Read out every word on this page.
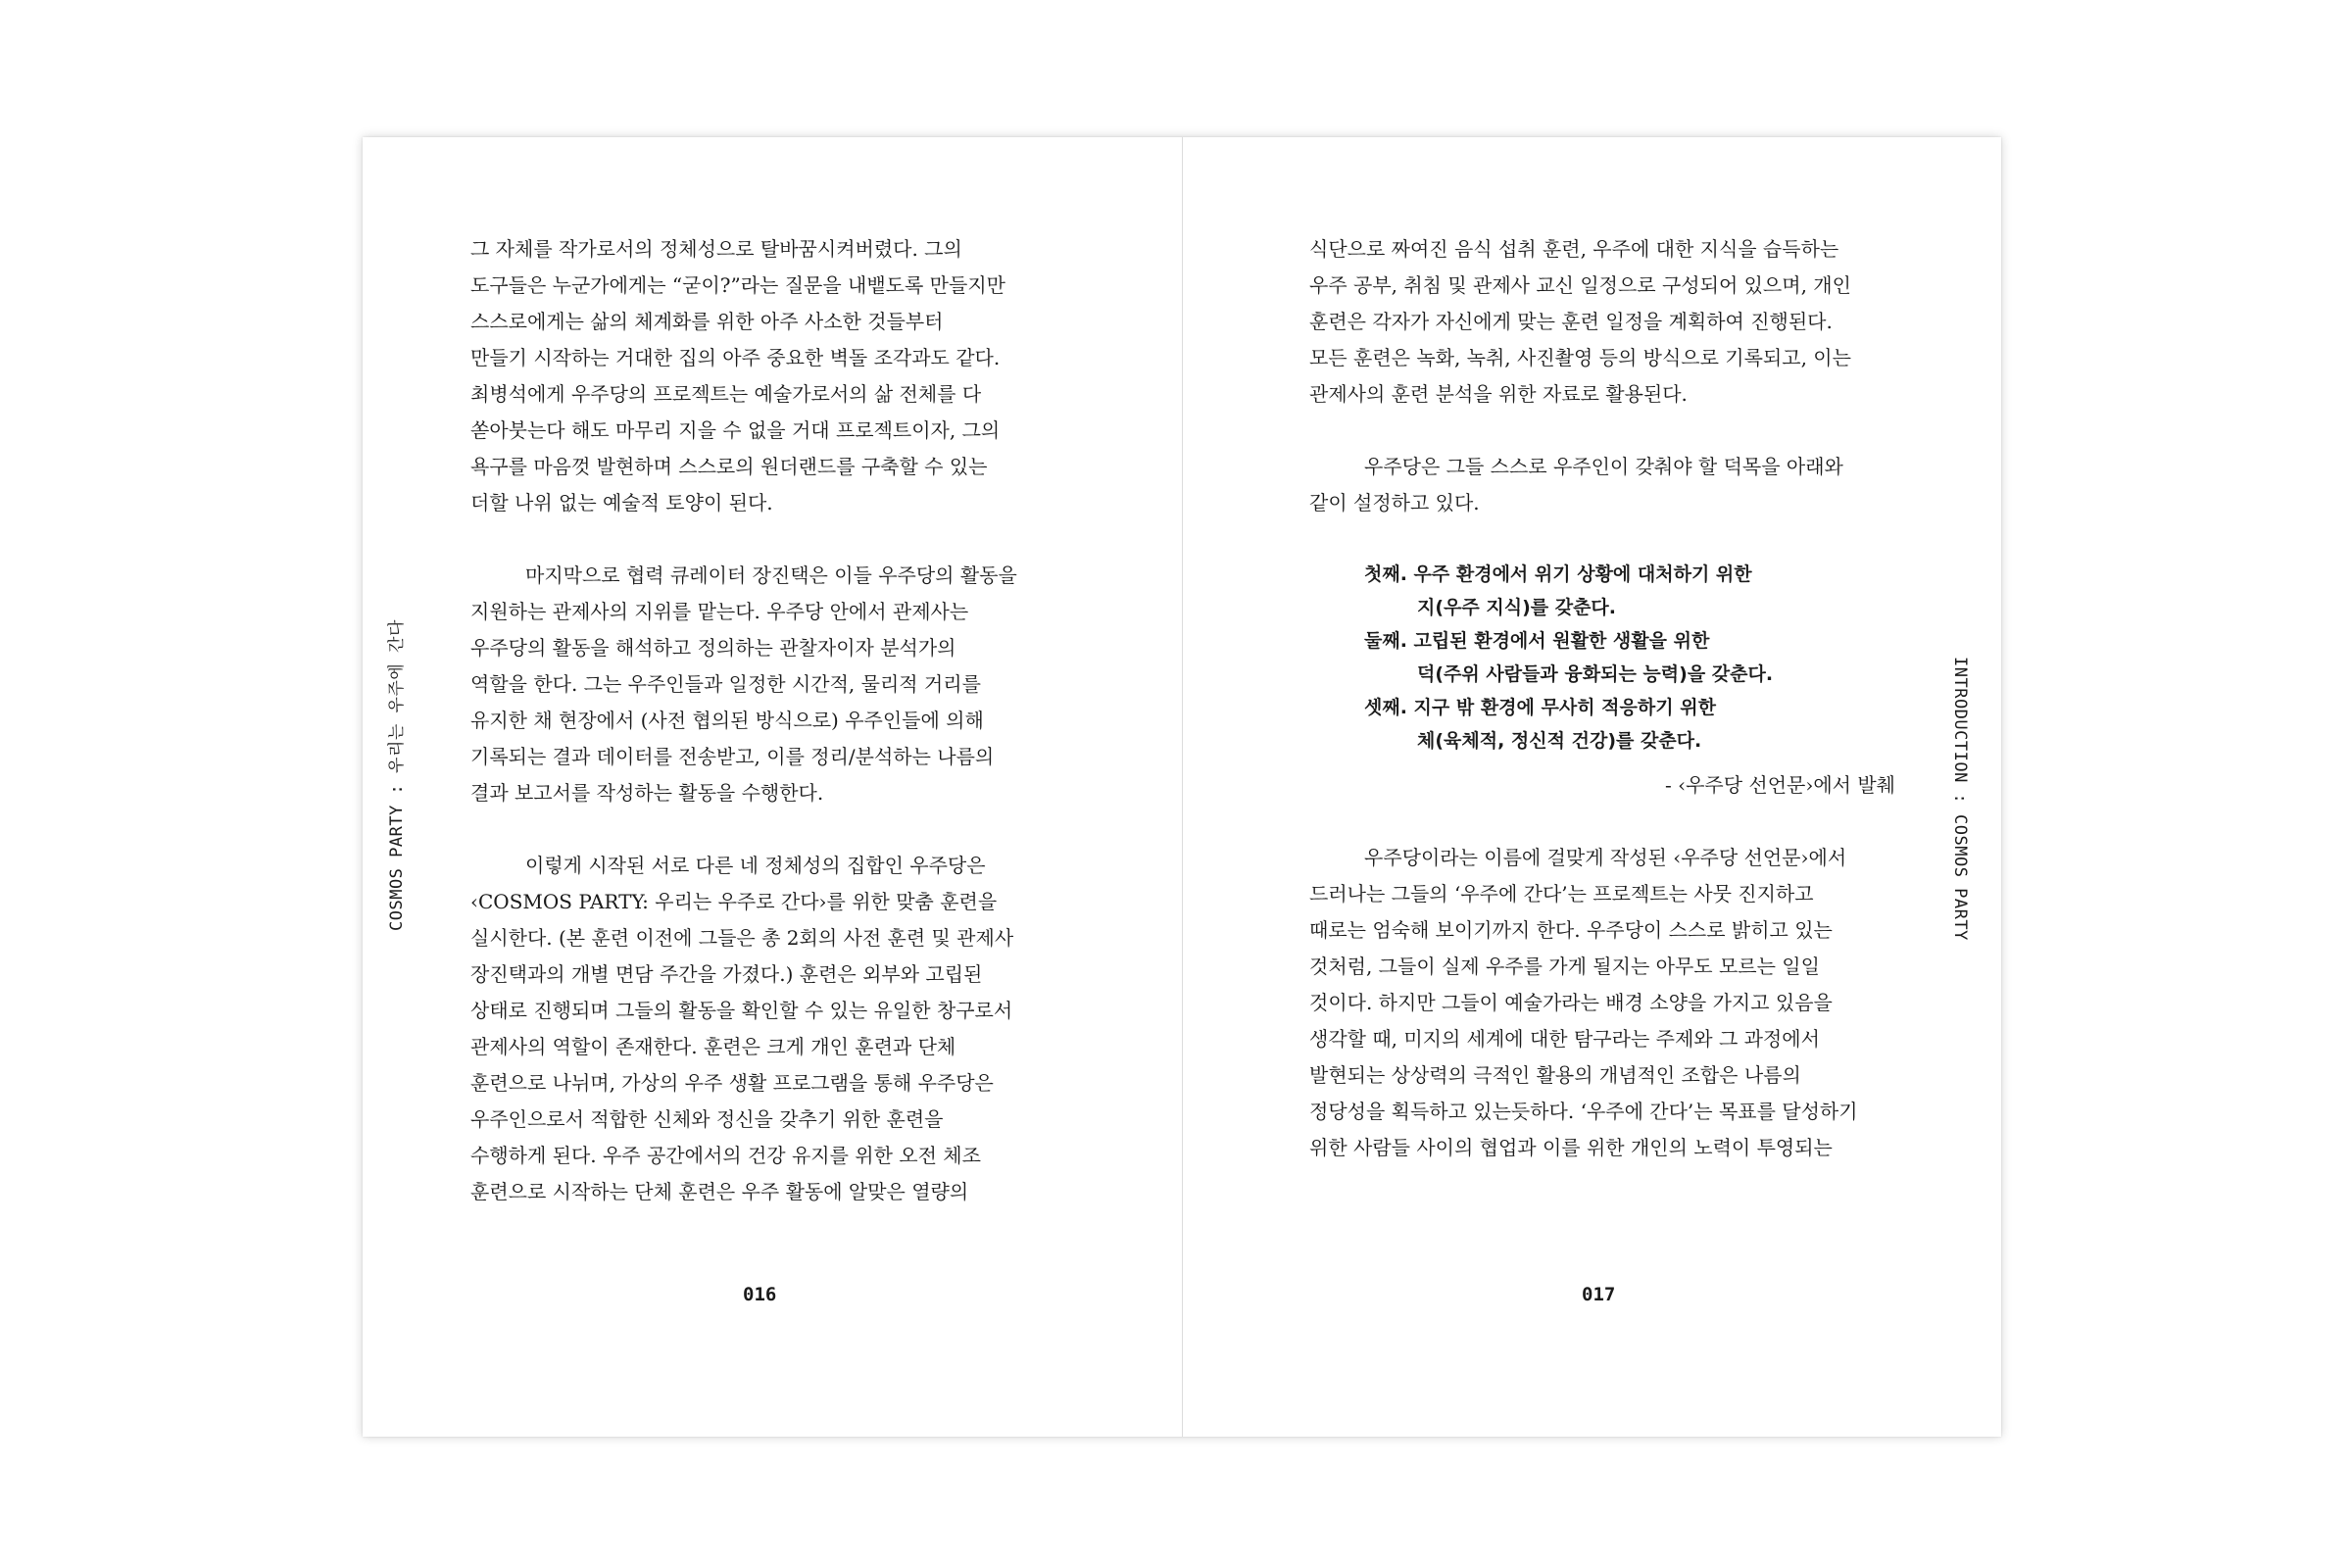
COSMOS PARTY : 우리는 우주에 간다
그 자체를 작가로서의 정체성으로 탈바꿈시켜버렸다. 그의
도구들은 누군가에게는 “굳이?”라는 질문을 내뱉도록 만들지만
스스로에게는 삶의 체계화를 위한 아주 사소한 것들부터
만들기 시작하는 거대한 집의 아주 중요한 벽돌 조각과도 같다.
최병석에게 우주당의 프로젝트는 예술가로서의 삶 전체를 다
쏟아붓는다 해도 마무리 지을 수 없을 거대 프로젝트이자, 그의
욕구를 마음껏 발현하며 스스로의 원더랜드를 구축할 수 있는
더할 나위 없는 예술적 토양이 된다.
마지막으로 협력 큐레이터 장진택은 이들 우주당의 활동을
지원하는 관제사의 지위를 맡는다. 우주당 안에서 관제사는
우주당의 활동을 해석하고 정의하는 관찰자이자 분석가의
역할을 한다. 그는 우주인들과 일정한 시간적, 물리적 거리를
유지한 채 현장에서 (사전 협의된 방식으로) 우주인들에 의해
기록되는 결과 데이터를 전송받고, 이를 정리/분석하는 나름의
결과 보고서를 작성하는 활동을 수행한다.
이렇게 시작된 서로 다른 네 정체성의 집합인 우주당은
‹COSMOS PARTY: 우리는 우주로 간다›를 위한 맞춤 훈련을
실시한다. (본 훈련 이전에 그들은 총 2회의 사전 훈련 및 관제사
장진택과의 개별 면담 주간을 가졌다.) 훈련은 외부와 고립된
상태로 진행되며 그들의 활동을 확인할 수 있는 유일한 창구로서
관제사의 역할이 존재한다. 훈련은 크게 개인 훈련과 단체
훈련으로 나뉘며, 가상의 우주 생활 프로그램을 통해 우주당은
우주인으로서 적합한 신체와 정신을 갖추기 위한 훈련을
수행하게 된다. 우주 공간에서의 건강 유지를 위한 오전 체조
훈련으로 시작하는 단체 훈련은 우주 활동에 알맞은 열량의
016
INTRODUCTION : COSMOS PARTY
식단으로 짜여진 음식 섭취 훈련, 우주에 대한 지식을 습득하는
우주 공부, 취침 및 관제사 교신 일정으로 구성되어 있으며, 개인
훈련은 각자가 자신에게 맞는 훈련 일정을 계획하여 진행된다.
모든 훈련은 녹화, 녹취, 사진촬영 등의 방식으로 기록되고, 이는
관제사의 훈련 분석을 위한 자료로 활용된다.
우주당은 그들 스스로 우주인이 갖춰야 할 덕목을 아래와
같이 설정하고 있다.
첫째. 우주 환경에서 위기 상황에 대처하기 위한
지(우주 지식)를 갖춘다.
둘째. 고립된 환경에서 원활한 생활을 위한
덕(주위 사람들과 융화되는 능력)을 갖춘다.
셋째. 지구 밖 환경에 무사히 적응하기 위한
체(육체적, 정신적 건강)를 갖춘다.
- ‹우주당 선언문›에서 발췌
우주당이라는 이름에 걸맞게 작성된 ‹우주당 선언문›에서
드러나는 그들의 ‘우주에 간다’는 프로젝트는 사뭇 진지하고
때로는 엄숙해 보이기까지 한다. 우주당이 스스로 밝히고 있는
것처럼, 그들이 실제 우주를 가게 될지는 아무도 모르는 일일
것이다. 하지만 그들이 예술가라는 배경 소양을 가지고 있음을
생각할 때, 미지의 세계에 대한 탐구라는 주제와 그 과정에서
발현되는 상상력의 극적인 활용의 개념적인 조합은 나름의
정당성을 획득하고 있는듯하다. ‘우주에 간다’는 목표를 달성하기
위한 사람들 사이의 협업과 이를 위한 개인의 노력이 투영되는
017
